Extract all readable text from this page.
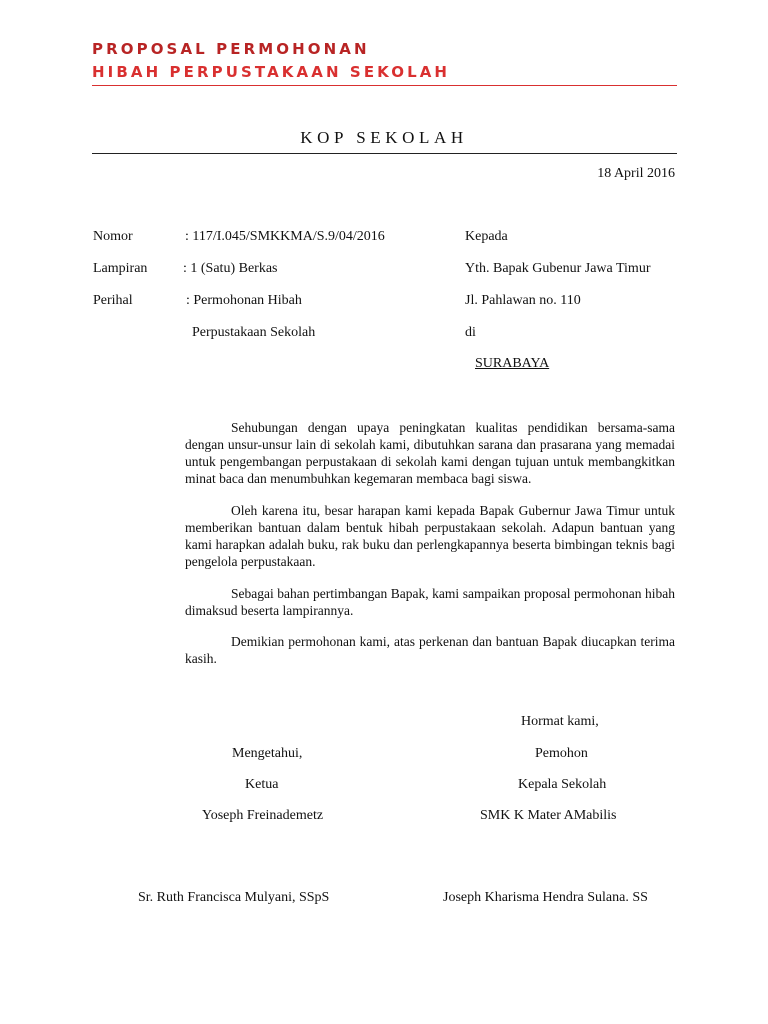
PROPOSAL PERMOHONAN
HIBAH PERPUSTAKAAN SEKOLAH
KOP SEKOLAH
18 April 2016
Nomor	: 117/I.045/SMKKMA/S.9/04/2016
Lampiran	: 1 (Satu) Berkas
Perihal	: Permohonan Hibah
Perpustakaan Sekolah
Kepada
Yth. Bapak Gubenur Jawa Timur
Jl. Pahlawan no. 110
di
SURABAYA

Sehubungan dengan upaya peningkatan kualitas pendidikan bersama-sama dengan unsur-unsur lain di sekolah kami, dibutuhkan sarana dan prasarana yang memadai untuk pengembangan perpustakaan di sekolah kami dengan tujuan untuk membangkitkan minat baca dan menumbuhkan kegemaran membaca bagi siswa.

Oleh karena itu, besar harapan kami kepada Bapak Gubernur Jawa Timur untuk memberikan bantuan dalam bentuk hibah perpustakaan sekolah. Adapun bantuan yang kami harapkan adalah buku, rak buku dan perlengkapannya beserta bimbingan teknis bagi pengelola perpustakaan.

Sebagai bahan pertimbangan Bapak, kami sampaikan proposal permohonan hibah dimaksud beserta lampirannya.

Demikian permohonan kami, atas perkenan dan bantuan Bapak diucapkan terima kasih.

Hormat kami,
Mengetahui,
Ketua
Yoseph Freinademetz
Sr. Ruth Francisca Mulyani, SSpS
Pemohon
Kepala Sekolah
SMK K Mater AMabilis
Joseph Kharisma Hendra Sulana. SS
